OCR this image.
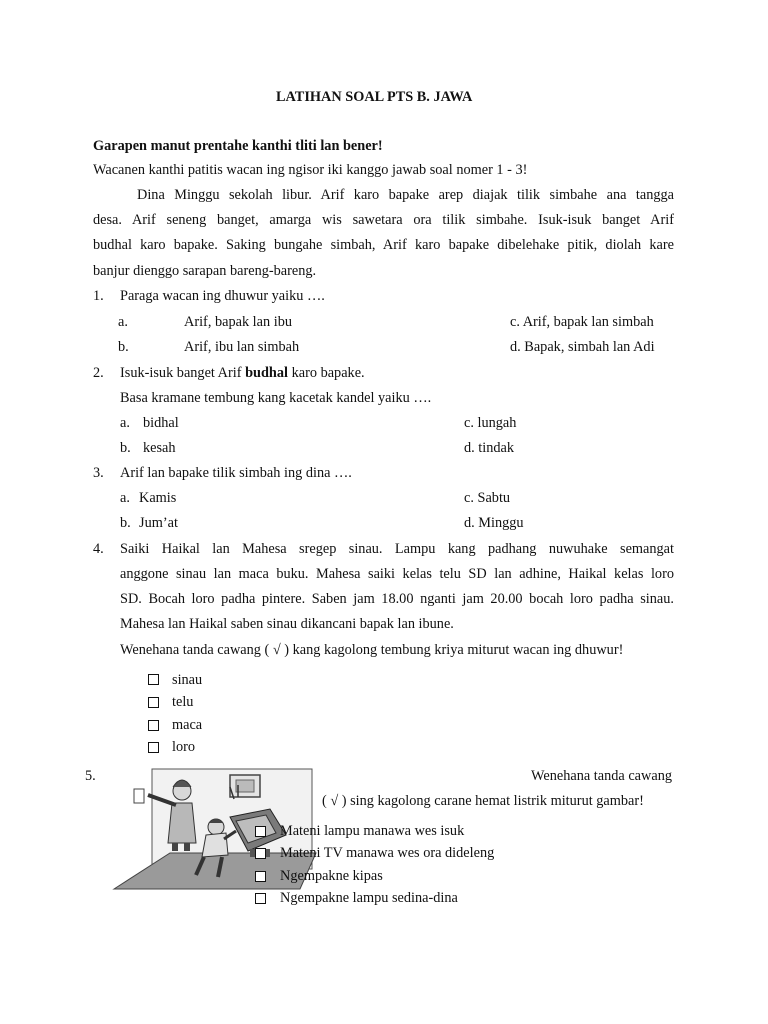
LATIHAN SOAL PTS B. JAWA
Garapen manut prentahe kanthi tliti lan bener!
Wacanen kanthi patitis wacan ing ngisor iki kanggo jawab soal nomer 1 - 3!
Dina Minggu sekolah libur. Arif karo bapake arep diajak tilik simbahe ana tangga
desa. Arif seneng banget, amarga wis sawetara ora tilik simbahe. Isuk-isuk banget Arif
budhal karo bapake. Saking bungahe simbah, Arif karo bapake dibelehake pitik, diolah kare
banjur dienggo sarapan bareng-bareng.
1. Paraga wacan ing dhuwur yaiku ….
a.	Arif, bapak lan ibu	c. Arif, bapak lan simbah
b.	Arif, ibu lan simbah	d. Bapak, simbah lan Adi
2. Isuk-isuk banget Arif budhal karo bapake.
Basa kramane tembung kang kacetak kandel yaiku ….
a. bidhal	c. lungah
b. kesah	d. tindak
3. Arif lan bapake tilik simbah ing dina ….
a. Kamis	c. Sabtu
b. Jum’at	d. Minggu
4. Saiki Haikal lan Mahesa sregep sinau. Lampu kang padhang nuwuhake semangat
anggone sinau lan maca buku. Mahesa saiki kelas telu SD lan adhine, Haikal kelas loro
SD. Bocah loro padha pintere. Saben jam 18.00 nganti jam 20.00 bocah loro padha sinau.
Mahesa lan Haikal saben sinau dikancani bapak lan ibune.
Wenehana tanda cawang ( √ ) kang kagolong tembung kriya miturut wacan ing dhuwur!
sinau
telu
maca
loro
5.	Wenehana tanda cawang
( √ ) sing kagolong carane hemat listrik miturut gambar!
Mateni lampu manawa wes isuk
Mateni TV manawa wes ora dideleng
Ngempakne kipas
Ngempakne lampu sedina-dina
